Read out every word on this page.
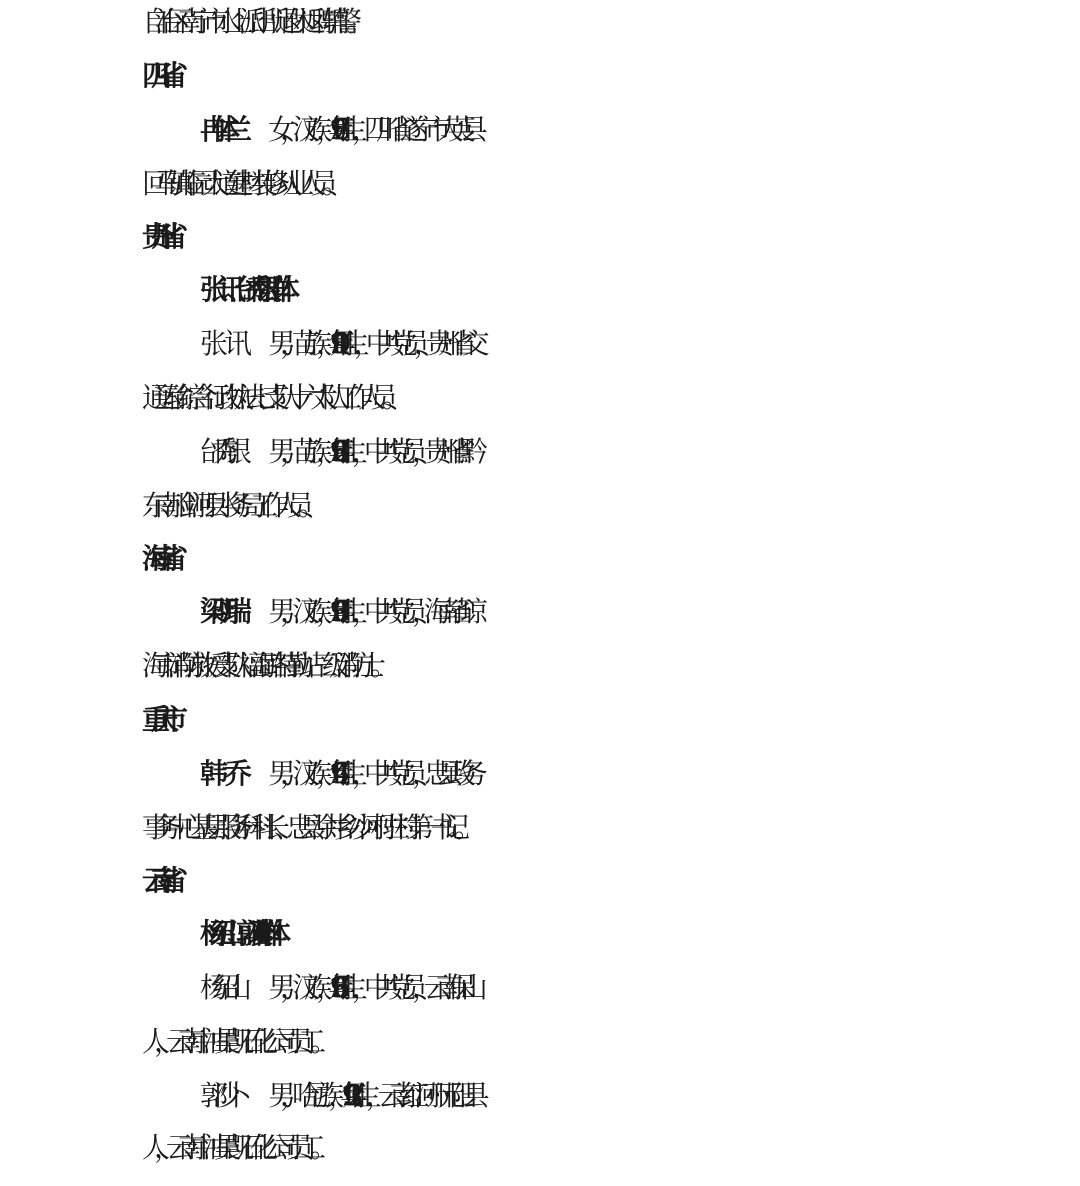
自治区南宁市水上派出所退休返聘辅警。
四川省
冉体兰 女，汉族，1976 年 8 月生，四川省遂宁市大英县
回马镇临园大道建材装修从业人员。
贵州省
张　讯、邰秀银群体
张　讯 男，苗族，1989 年 11 月生，中共党员，贵州省交
通运输综合行政执法七支队十六大队工作人员。
邰秀银 男，苗族，1982 年 6 月生，中共党员，贵州省黔
东南州剑河县水务局工作人员。
海南省
梁明瑞 男，汉族，1996 年 3 月生，中共党员，海南省琼
海市消防救援支队福海路特勤站三级消防士。
重庆市
韩　乔 男，汉族，1964 年 4 月生，中共党员，忠县政务
事务中心基层服务科科长、忠县涂井乡沙河村驻村第一书记。
云南省
杨绍山、郭沙卜 4 人群体
杨绍山 男，汉族，1986 年 6 月生，中共党员，云南保山
人，云南中油昊凯石化公司员工。
郭沙卜 男，哈尼族，1993 年 12 月生，云南红河州元阳县
人，云南中油昊凯石化公司员工。
